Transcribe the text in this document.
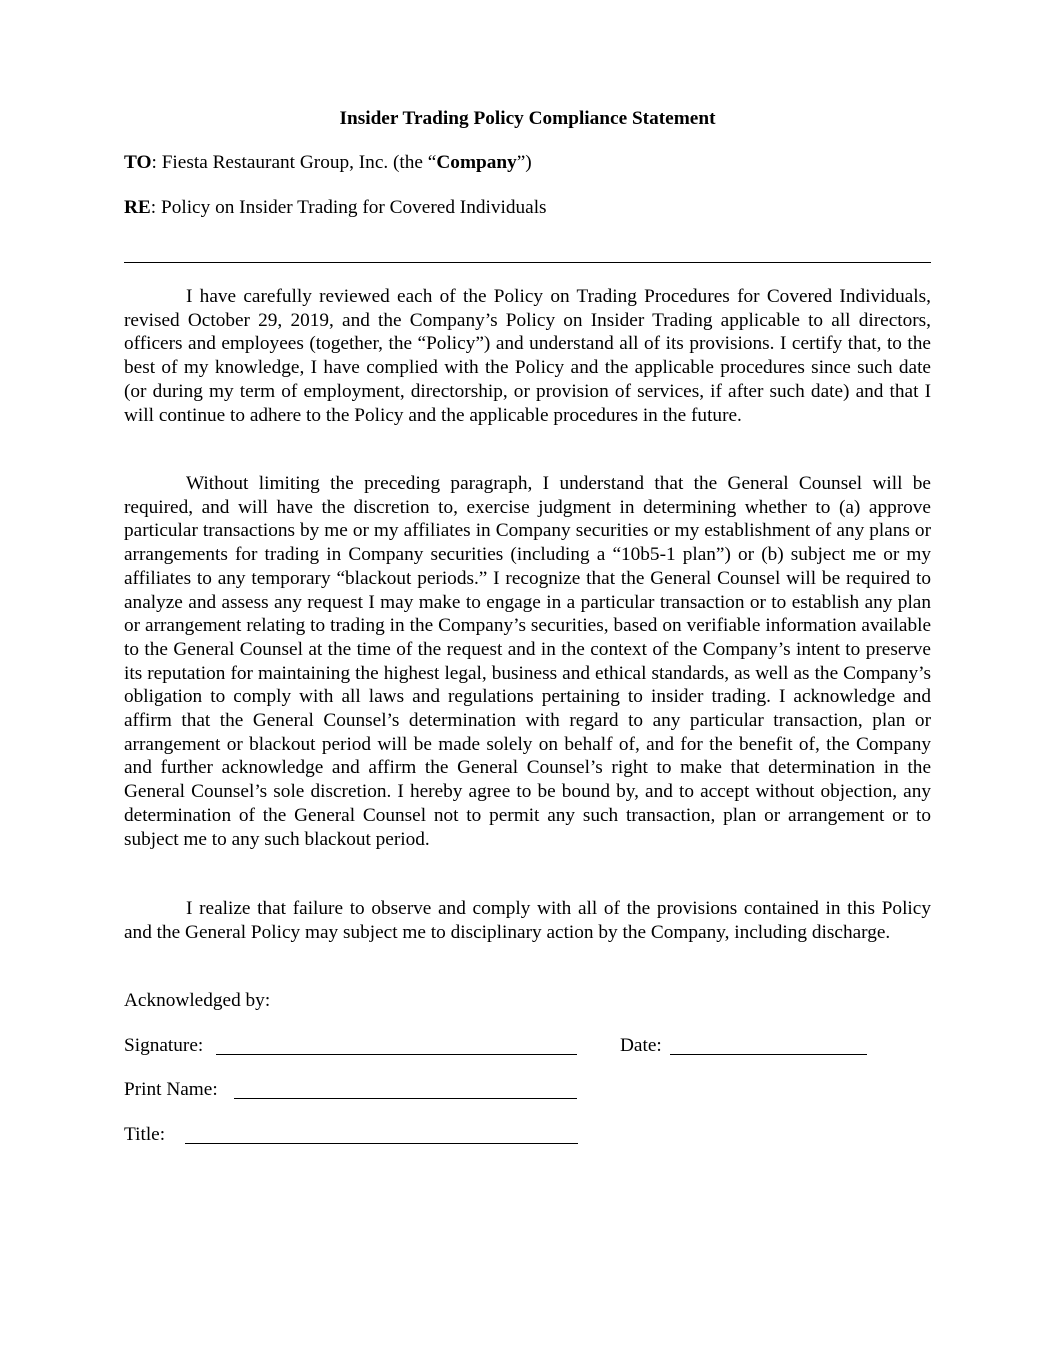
Insider Trading Policy Compliance Statement
TO: Fiesta Restaurant Group, Inc. (the “Company”)
RE: Policy on Insider Trading for Covered Individuals

I have carefully reviewed each of the Policy on Trading Procedures for Covered Individuals, revised October 29, 2019, and the Company’s Policy on Insider Trading applicable to all directors, officers and employees (together, the “Policy”) and understand all of its provisions. I certify that, to the best of my knowledge, I have complied with the Policy and the applicable procedures since such date (or during my term of employment, directorship, or provision of services, if after such date) and that I will continue to adhere to the Policy and the applicable procedures in the future.

Without limiting the preceding paragraph, I understand that the General Counsel will be required, and will have the discretion to, exercise judgment in determining whether to (a) approve particular transactions by me or my affiliates in Company securities or my establishment of any plans or arrangements for trading in Company securities (including a “10b5-1 plan”) or (b) subject me or my affiliates to any temporary “blackout periods.” I recognize that the General Counsel will be required to analyze and assess any request I may make to engage in a particular transaction or to establish any plan or arrangement relating to trading in the Company’s securities, based on verifiable information available to the General Counsel at the time of the request and in the context of the Company’s intent to preserve its reputation for maintaining the highest legal, business and ethical standards, as well as the Company’s obligation to comply with all laws and regulations pertaining to insider trading. I acknowledge and affirm that the General Counsel’s determination with regard to any particular transaction, plan or arrangement or blackout period will be made solely on behalf of, and for the benefit of, the Company and further acknowledge and affirm the General Counsel’s right to make that determination in the General Counsel’s sole discretion. I hereby agree to be bound by, and to accept without objection, any determination of the General Counsel not to permit any such transaction, plan or arrangement or to subject me to any such blackout period.

I realize that failure to observe and comply with all of the provisions contained in this Policy and the General Policy may subject me to disciplinary action by the Company, including discharge.

Acknowledged by:
Signature:	Date:
Print Name:
Title:
